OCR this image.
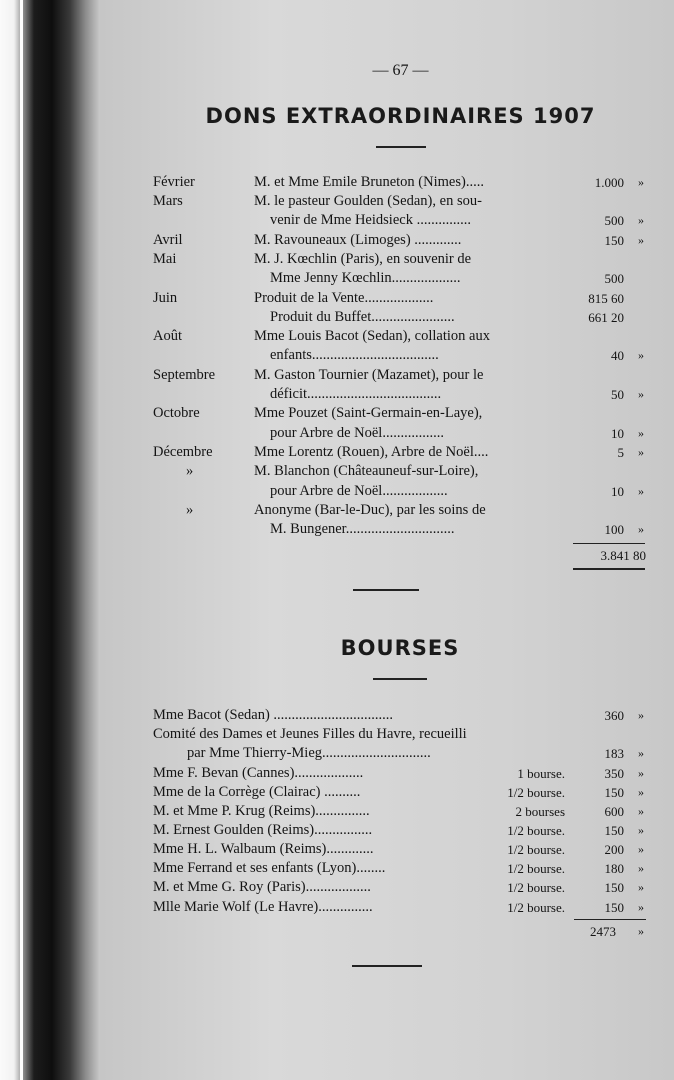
— 67 —
DONS EXTRAORDINAIRES 1907
Février	M. et Mme Emile Bruneton (Nimes).....	1.000 »
Mars	M. le pasteur Goulden (Sedan), en sou-
venir de Mme Heidsieck ...............	500 »
Avril	M. Ravouneaux (Limoges) .............	150 »
Mai	M. J. Kœchlin (Paris), en souvenir de
Mme Jenny Kœchlin...................	500
Juin	Produit de la Vente...................	815 60
Produit du Buffet.......................	661 20
Août	Mme Louis Bacot (Sedan), collation aux
enfants...................................	40 »
Septembre	M. Gaston Tournier (Mazamet), pour le
déficit.....................................	50 »
Octobre	Mme Pouzet (Saint-Germain-en-Laye),
pour Arbre de Noël.................	10 »
Décembre	Mme Lorentz (Rouen), Arbre de Noël....	5 »
»	M. Blanchon (Châteauneuf-sur-Loire),
pour Arbre de Noël..................	10 »
»	Anonyme (Bar-le-Duc), par les soins de
M. Bungener..............................	100 »
3.841 80
BOURSES
Mme Bacot (Sedan) .................................	360 »
Comité des Dames et Jeunes Filles du Havre, recueilli
par Mme Thierry-Mieg..............................	183 »
Mme F. Bevan (Cannes)...................	1 bourse.	350 »
Mme de la Corrège (Clairac) ..........	1/2 bourse.	150 »
M. et Mme P. Krug (Reims)...............	2 bourses	600 »
M. Ernest Goulden (Reims)................	1/2 bourse.	150 »
Mme H. L. Walbaum (Reims).............	1/2 bourse.	200 »
Mme Ferrand et ses enfants (Lyon)........	1/2 bourse.	180 »
M. et Mme G. Roy (Paris)..................	1/2 bourse.	150 »
Mlle Marie Wolf (Le Havre)...............	1/2 bourse.	150 »
2473 »
